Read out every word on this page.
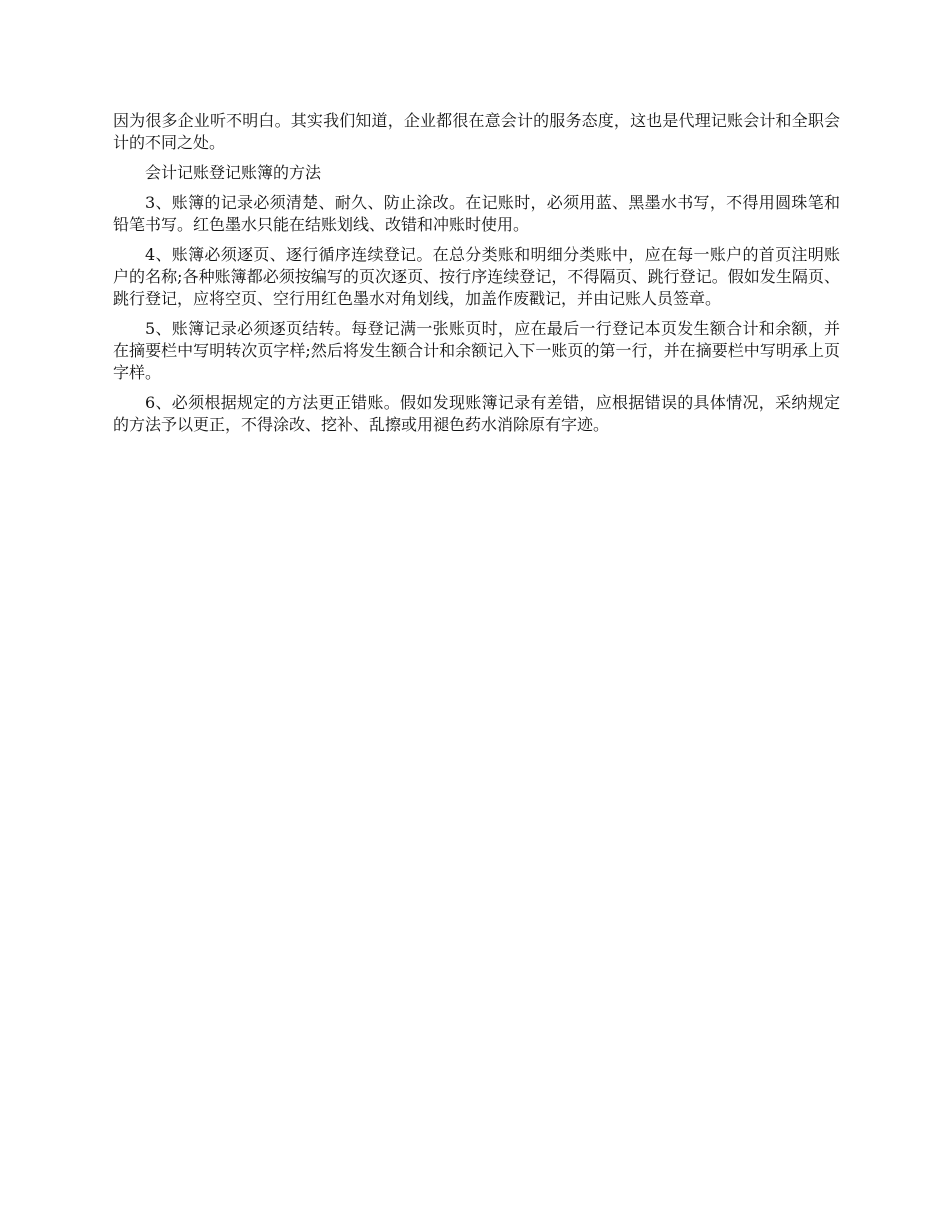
因为很多企业听不明白。其实我们知道，企业都很在意会计的服务态度，这也是代理记账会计和全职会计的不同之处。

会计记账登记账簿的方法

3、账簿的记录必须清楚、耐久、防止涂改。在记账时，必须用蓝、黑墨水书写，不得用圆珠笔和铅笔书写。红色墨水只能在结账划线、改错和冲账时使用。

4、账簿必须逐页、逐行循序连续登记。在总分类账和明细分类账中，应在每一账户的首页注明账户的名称;各种账簿都必须按编写的页次逐页、按行序连续登记，不得隔页、跳行登记。假如发生隔页、跳行登记，应将空页、空行用红色墨水对角划线，加盖作废戳记，并由记账人员签章。

5、账簿记录必须逐页结转。每登记满一张账页时，应在最后一行登记本页发生额合计和余额，并在摘要栏中写明转次页字样;然后将发生额合计和余额记入下一账页的第一行，并在摘要栏中写明承上页字样。

6、必须根据规定的方法更正错账。假如发现账簿记录有差错，应根据错误的具体情况，采纳规定的方法予以更正，不得涂改、挖补、乱擦或用褪色药水消除原有字迹。
